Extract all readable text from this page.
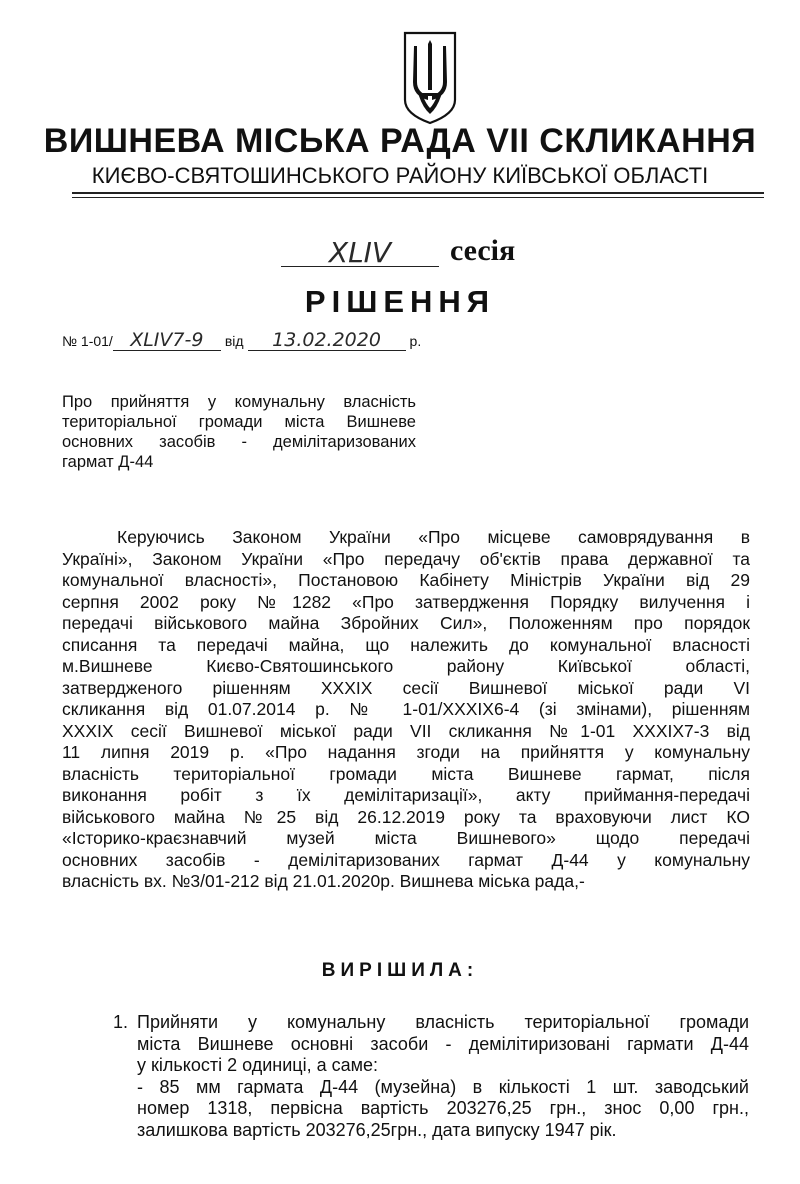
ВИШНЕВА МІСЬКА РАДА VII СКЛИКАННЯ
КИЄВО-СВЯТОШИНСЬКОГО РАЙОНУ КИЇВСЬКОЇ ОБЛАСТІ
XLIV	сесія
РІШЕННЯ
№ 1-01/ XLIV7-9 від 13.02.2020 р.
Про прийняття у комунальну власність
територіальної громади міста Вишневе
основних засобів - демілітаризованих
гармат Д-44
Керуючись Законом України «Про місцеве самоврядування в
Україні», Законом України «Про передачу об'єктів права державної та
комунальної власності», Постановою Кабінету Міністрів України від 29
серпня 2002 року №1282 «Про затвердження Порядку вилучення і
передачі військового майна Збройних Сил», Положенням про порядок
списання та передачі майна, що належить до комунальної власності
м.Вишневе Києво-Святошинського району Київської області,
затвердженого рішенням XXXIX сесії Вишневої міської ради VI
скликання від 01.07.2014 р. № 1-01/XXXIX6-4 (зі змінами), рішенням
XXXIX сесії Вишневої міської ради VII скликання №1-01 XXXIX7-3 від
11 липня 2019 р. «Про надання згоди на прийняття у комунальну
власність територіальної громади міста Вишневе гармат, після
виконання робіт з їх демілітаризації», акту приймання-передачі
військового майна №25 від 26.12.2019 року та враховуючи лист КО
«Історико-краєзнавчий музей міста Вишневого» щодо передачі
основних засобів - демілітаризованих гармат Д-44 у комунальну
власність вх. №3/01-212 від 21.01.2020р. Вишнева міська рада,-
ВИРІШИЛА:
1. Прийняти у комунальну власність територіальної громади
міста Вишневе основні засоби - демілітиризовані гармати Д-44
у кількості 2 одиниці, а саме:
- 85 мм гармата Д-44 (музейна) в кількості 1 шт. заводський
номер 1318, первісна вартість 203276,25 грн., знос 0,00 грн.,
залишкова вартість 203276,25грн., дата випуску 1947 рік.
